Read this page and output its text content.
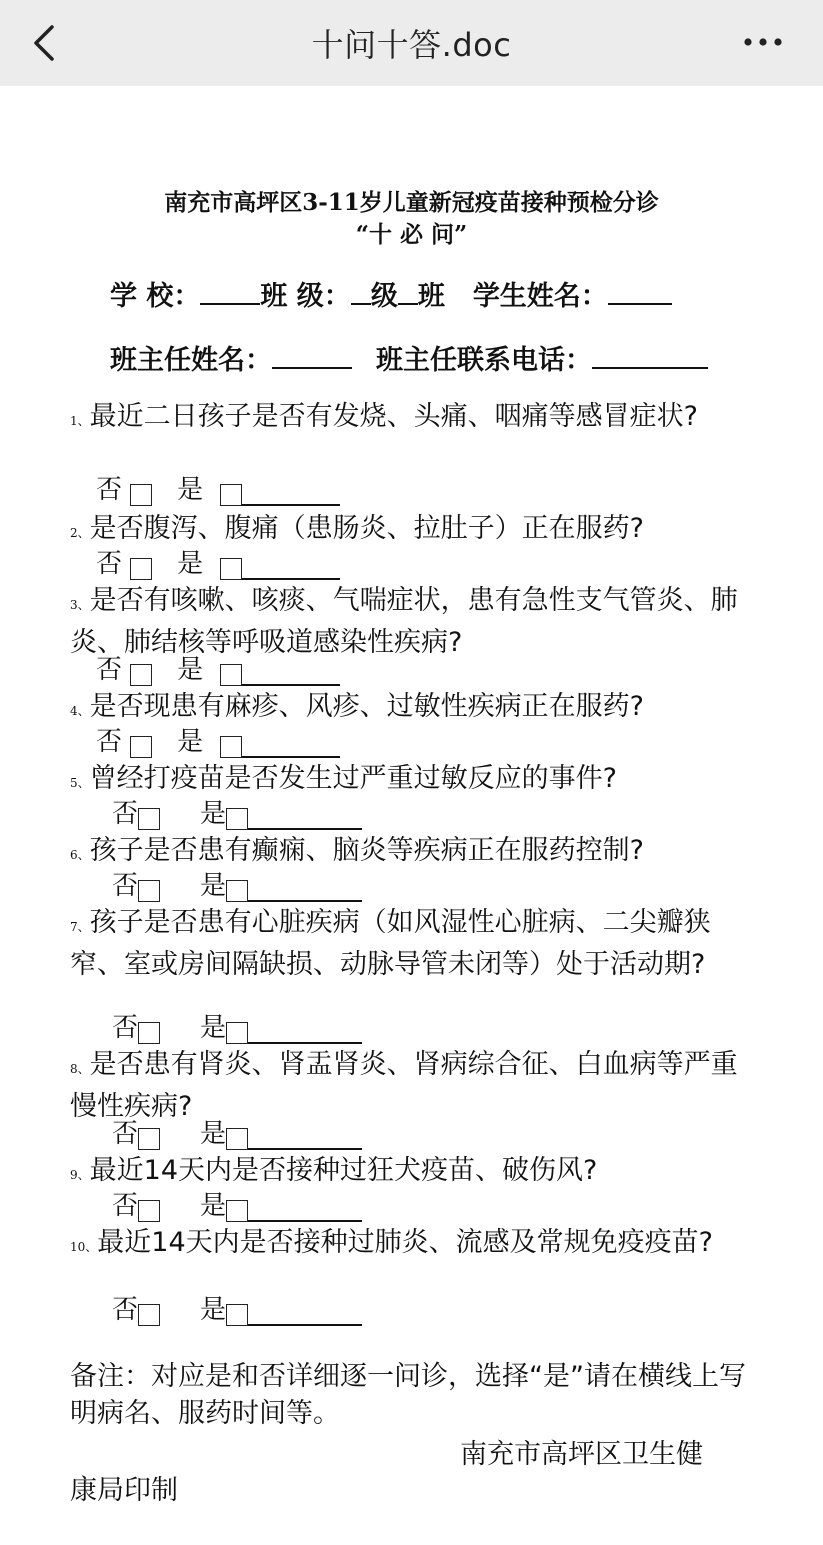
十问十答.doc
南充市高坪区3-11岁儿童新冠疫苗接种预检分诊
“十 必 问”
学 校： 班 级： 级 班 学生姓名：
班主任姓名：	班主任联系电话：
1、最近二日孩子是否有发烧、头痛、咽痛等感冒症状?
否

是

2、是否腹泻、腹痛（患肠炎、拉肚子）正在服药?
否

是

3、是否有咳嗽、咳痰、气喘症状，患有急性支气管炎、肺炎、肺结核等呼吸道感染性疾病?
否

是

4、是否现患有麻疹、风疹、过敏性疾病正在服药?
否

是

5、曾经打疫苗是否发生过严重过敏反应的事件?
否 是
6、孩子是否患有癫痫、脑炎等疾病正在服药控制?
否 是
7、孩子是否患有心脏疾病（如风湿性心脏病、二尖瓣狭窄、室或房间隔缺损、动脉导管未闭等）处于活动期?
否 是
8、是否患有肾炎、肾盂肾炎、肾病综合征、白血病等严重慢性疾病?
否 是
9、最近14天内是否接种过狂犬疫苗、破伤风?
否 是
10、最近14天内是否接种过肺炎、流感及常规免疫疫苗?
否 是
备注：对应是和否详细逐一问诊，选择“是”请在横线上写明病名、服药时间等。
南充市高坪区卫生健
康局印制
